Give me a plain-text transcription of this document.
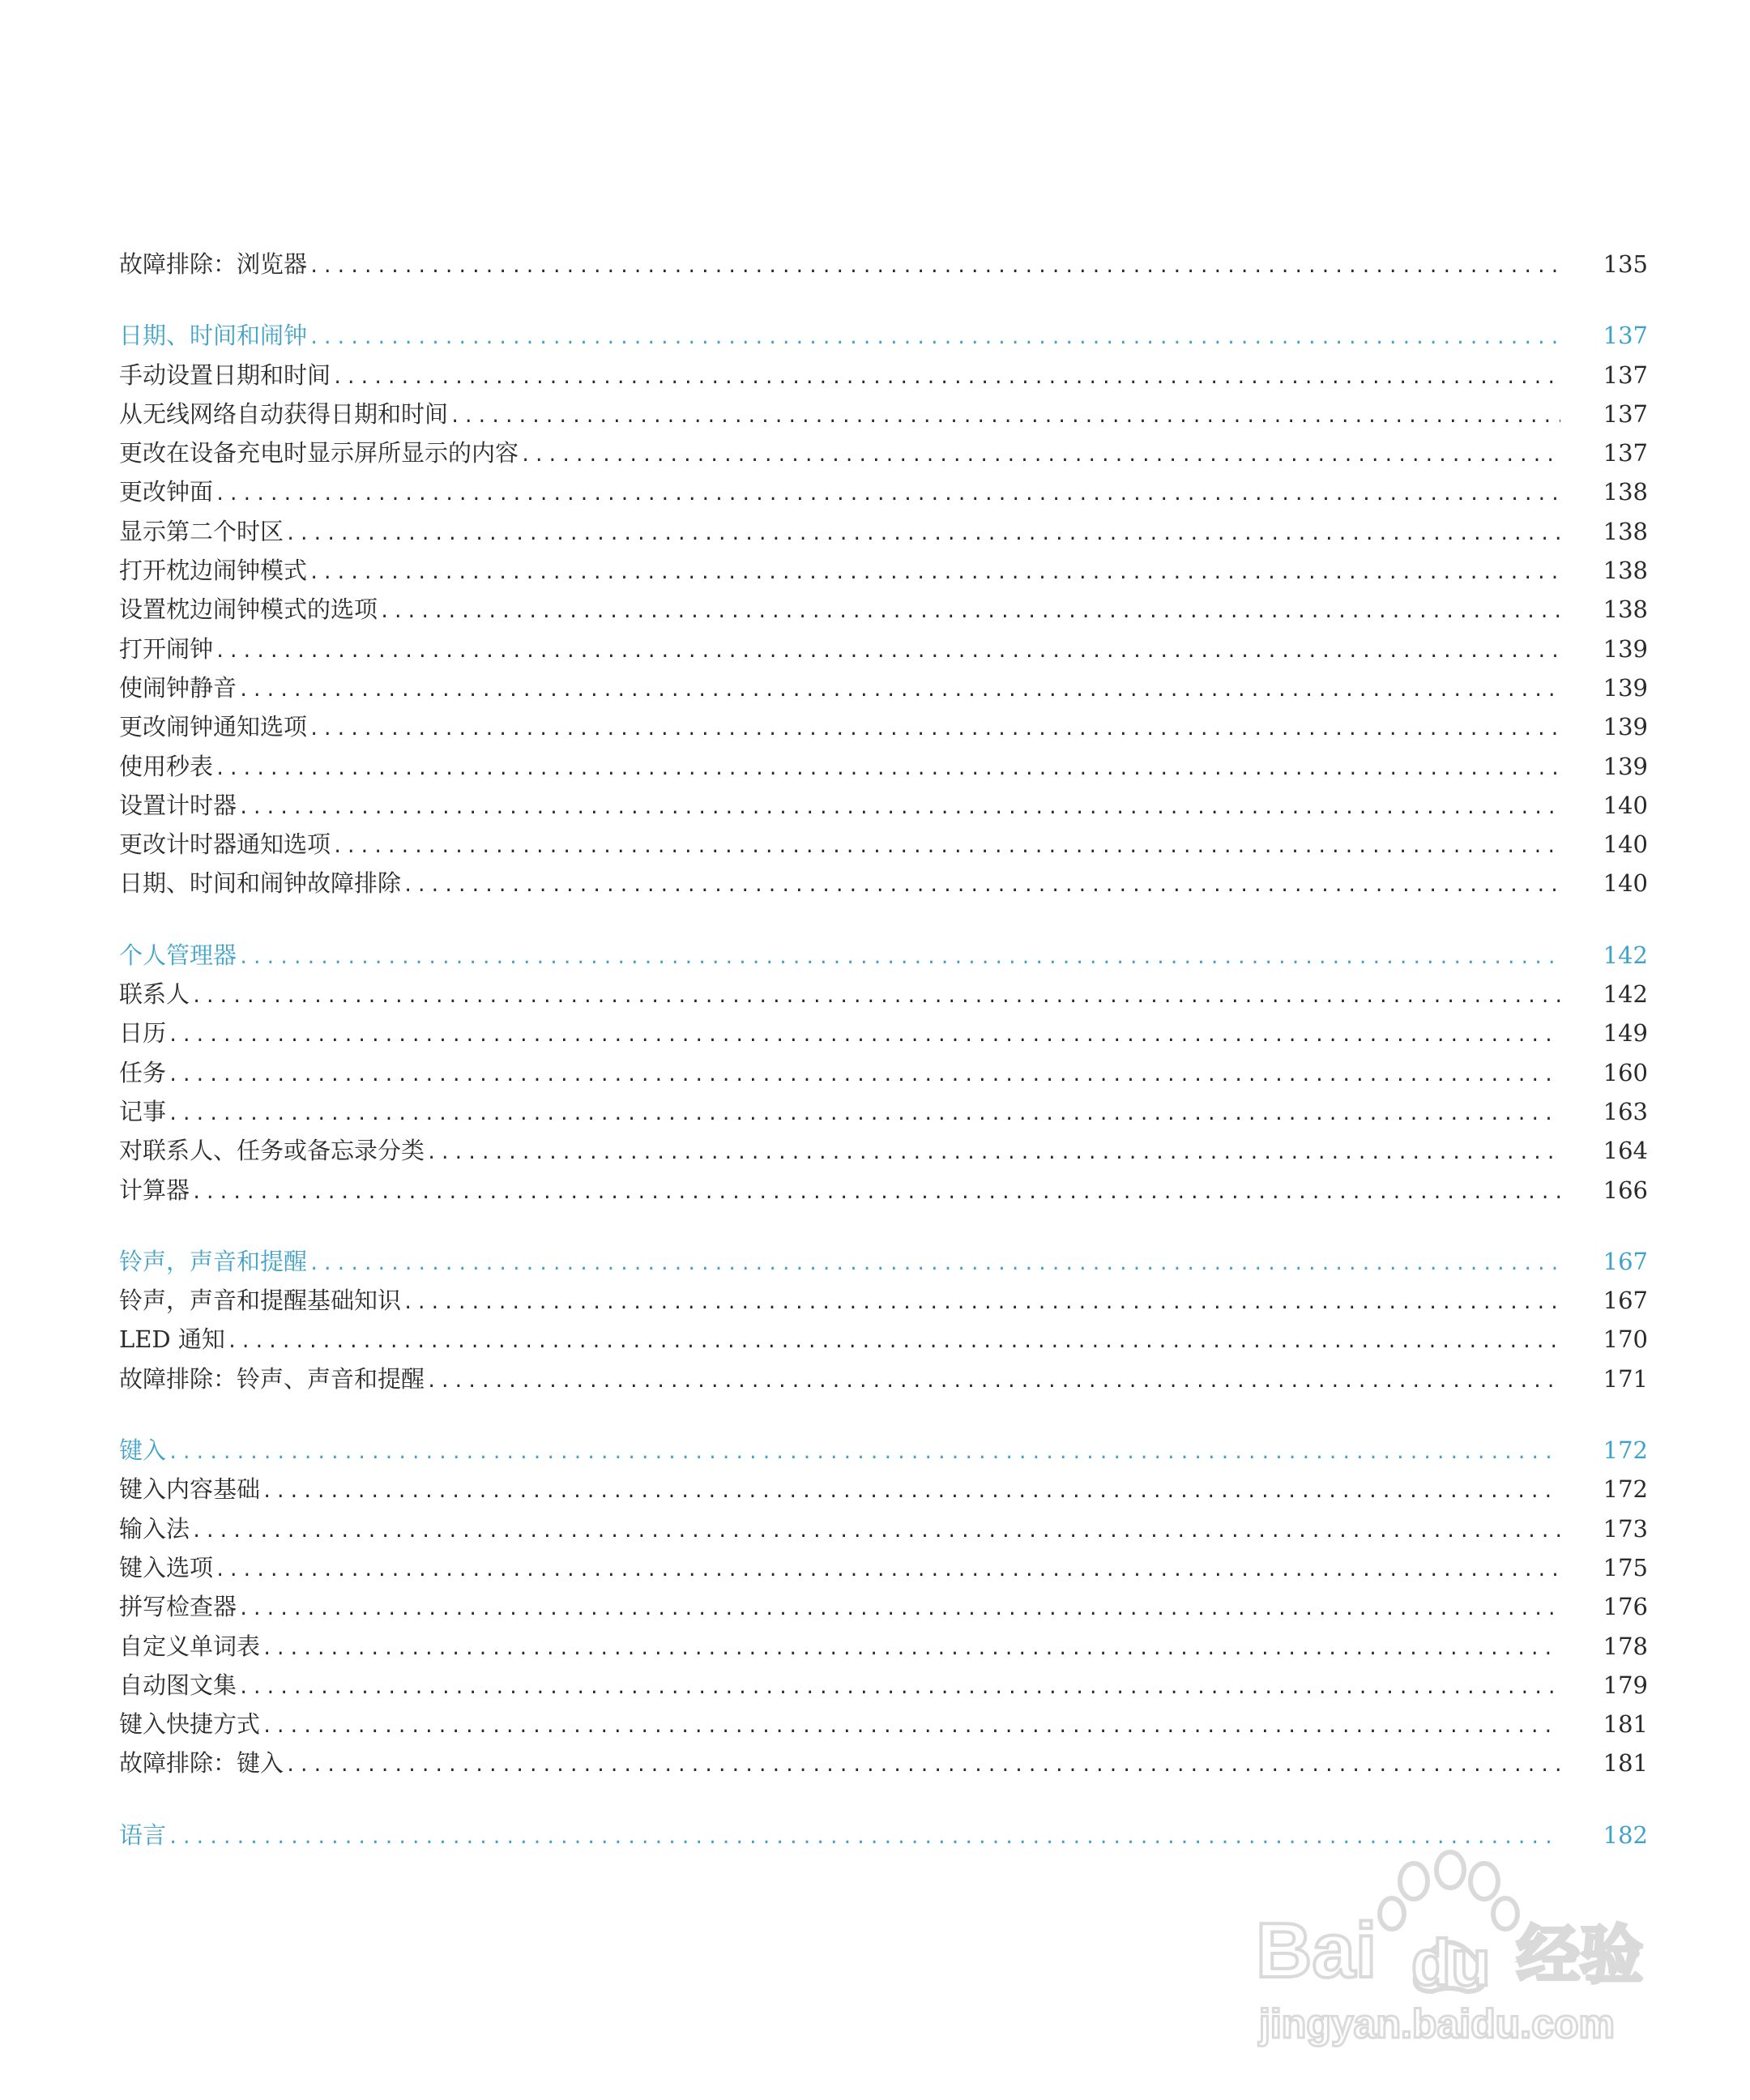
故障排除：浏览器 .....	135
日期、时间和闹钟 .....	137
手动设置日期和时间 .....	137
从无线网络自动获得日期和时间 .....	137
更改在设备充电时显示屏所显示的内容 .....	137
更改钟面 .....	138
显示第二个时区 .....	138
打开枕边闹钟模式 .....	138
设置枕边闹钟模式的选项 .....	138
打开闹钟 .....	139
使闹钟静音 .....	139
更改闹钟通知选项 .....	139
使用秒表 .....	139
设置计时器 .....	140
更改计时器通知选项 .....	140
日期、时间和闹钟故障排除 .....	140
个人管理器 .....	142
联系人 .....	142
日历 .....	149
任务 .....	160
记事 .....	163
对联系人、任务或备忘录分类 .....	164
计算器 .....	166
铃声，声音和提醒 .....	167
铃声，声音和提醒基础知识 .....	167
LED 通知 .....	170
故障排除：铃声、声音和提醒 .....	171
键入 .....	172
键入内容基础 .....	172
输入法 .....	173
键入选项 .....	175
拼写检查器 .....	176
自定义单词表 .....	178
自动图文集 .....	179
键入快捷方式 .....	181
故障排除：键入 .....	181
语言 .....	182
Bai du 经验
jingyan.baidu.com
